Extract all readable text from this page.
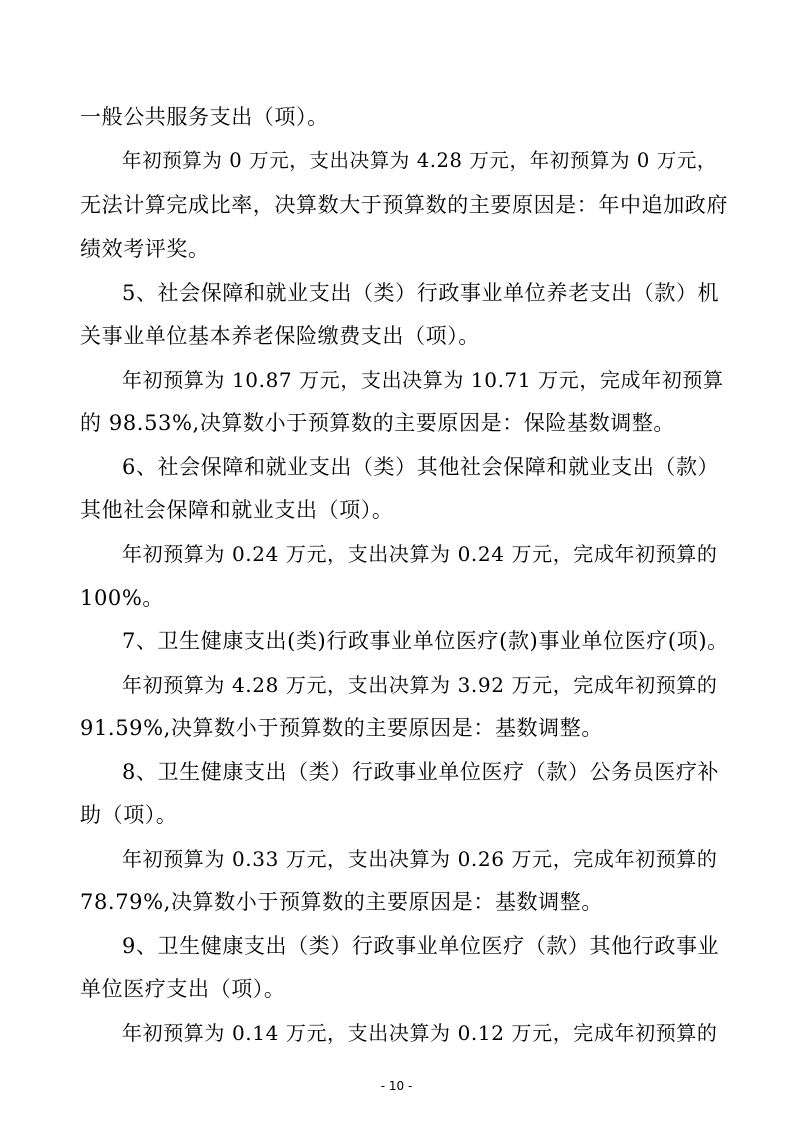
一般公共服务支出（项）。
年初预算为 0 万元，支出决算为 4.28 万元，年初预算为 0 万元，
无法计算完成比率，决算数大于预算数的主要原因是：年中追加政府
绩效考评奖。
5、社会保障和就业支出（类）行政事业单位养老支出（款）机
关事业单位基本养老保险缴费支出（项）。
年初预算为 10.87 万元，支出决算为 10.71 万元，完成年初预算
的 98.53%,决算数小于预算数的主要原因是：保险基数调整。
6、社会保障和就业支出（类）其他社会保障和就业支出（款）
其他社会保障和就业支出（项）。
年初预算为 0.24 万元，支出决算为 0.24 万元，完成年初预算的
100%。
7、卫生健康支出(类)行政事业单位医疗(款)事业单位医疗(项)。
年初预算为 4.28 万元，支出决算为 3.92 万元，完成年初预算的
91.59%,决算数小于预算数的主要原因是：基数调整。
8、卫生健康支出（类）行政事业单位医疗（款）公务员医疗补
助（项）。
年初预算为 0.33 万元，支出决算为 0.26 万元，完成年初预算的
78.79%,决算数小于预算数的主要原因是：基数调整。
9、卫生健康支出（类）行政事业单位医疗（款）其他行政事业
单位医疗支出（项）。
年初预算为 0.14 万元，支出决算为 0.12 万元，完成年初预算的
- 10 -
